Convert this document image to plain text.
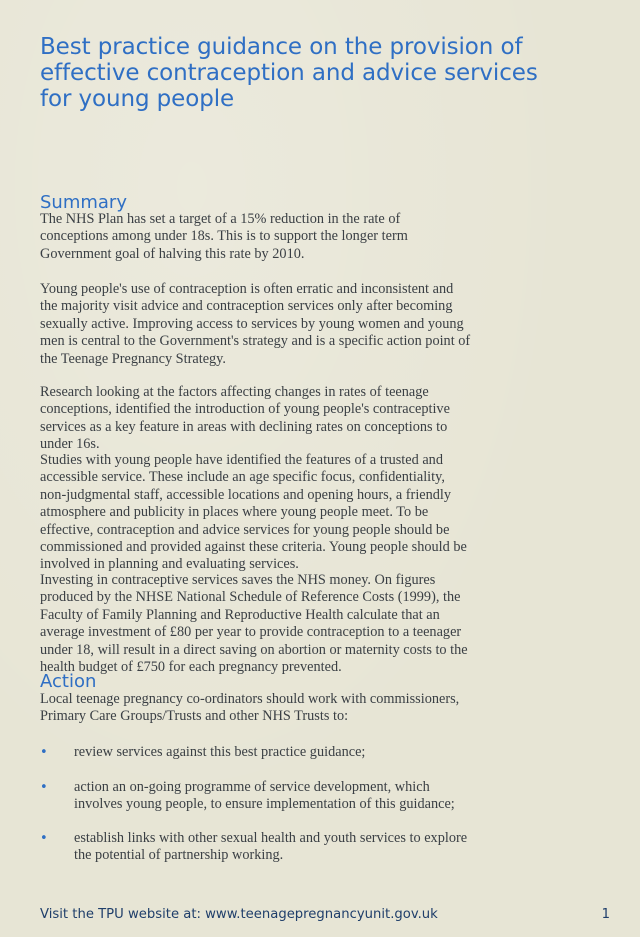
Best practice guidance on the provision of
effective contraception and advice services
for young people
Summary

The NHS Plan has set a target of a 15% reduction in the rate of conceptions among under 18s. This is to support the longer term Government goal of halving this rate by 2010.

Young people's use of contraception is often erratic and inconsistent and the majority visit advice and contraception services only after becoming sexually active. Improving access to services by young women and young men is central to the Government's strategy and is a specific action point of the Teenage Pregnancy Strategy.

Research looking at the factors affecting changes in rates of teenage conceptions, identified the introduction of young people's contraceptive services as a key feature in areas with declining rates on conceptions to under 16s.

Studies with young people have identified the features of a trusted and accessible service. These include an age specific focus, confidentiality, non-judgmental staff, accessible locations and opening hours, a friendly atmosphere and publicity in places where young people meet. To be effective, contraception and advice services for young people should be commissioned and provided against these criteria. Young people should be involved in planning and evaluating services.

Investing in contraceptive services saves the NHS money. On figures produced by the NHSE National Schedule of Reference Costs (1999), the Faculty of Family Planning and Reproductive Health calculate that an average investment of £80 per year to provide contraception to a teenager under 18, will result in a direct saving on abortion or maternity costs to the health budget of £750 for each pregnancy prevented.

Action

Local teenage pregnancy co-ordinators should work with commissioners, Primary Care Groups/Trusts and other NHS Trusts to:

• review services against this best practice guidance;
• action an on-going programme of service development, which involves young people, to ensure implementation of this guidance;
• establish links with other sexual health and youth services to explore the potential of partnership working.

Visit the TPU website at: www.teenagepregnancyunit.gov.uk	1
